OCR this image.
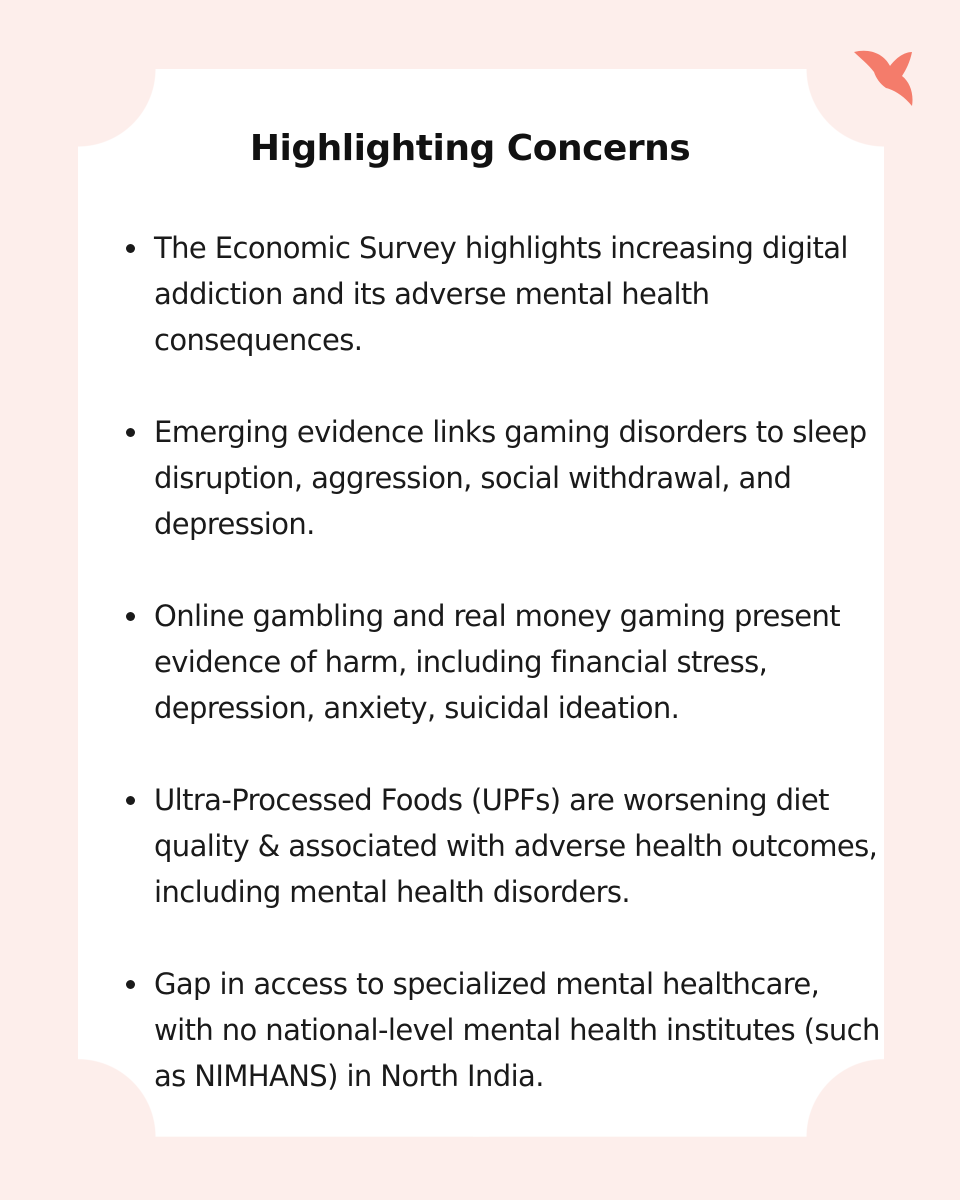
Highlighting Concerns
The Economic Survey highlights increasing digital addiction and its adverse mental health consequences.
Emerging evidence links gaming disorders to sleep disruption, aggression, social withdrawal, and depression.
Online gambling and real money gaming present evidence of harm, including financial stress, depression, anxiety, suicidal ideation.
Ultra-Processed Foods (UPFs) are worsening diet quality & associated with adverse health outcomes, including mental health disorders.
Gap in access to specialized mental healthcare, with no national-level mental health institutes (such as NIMHANS) in North India.
